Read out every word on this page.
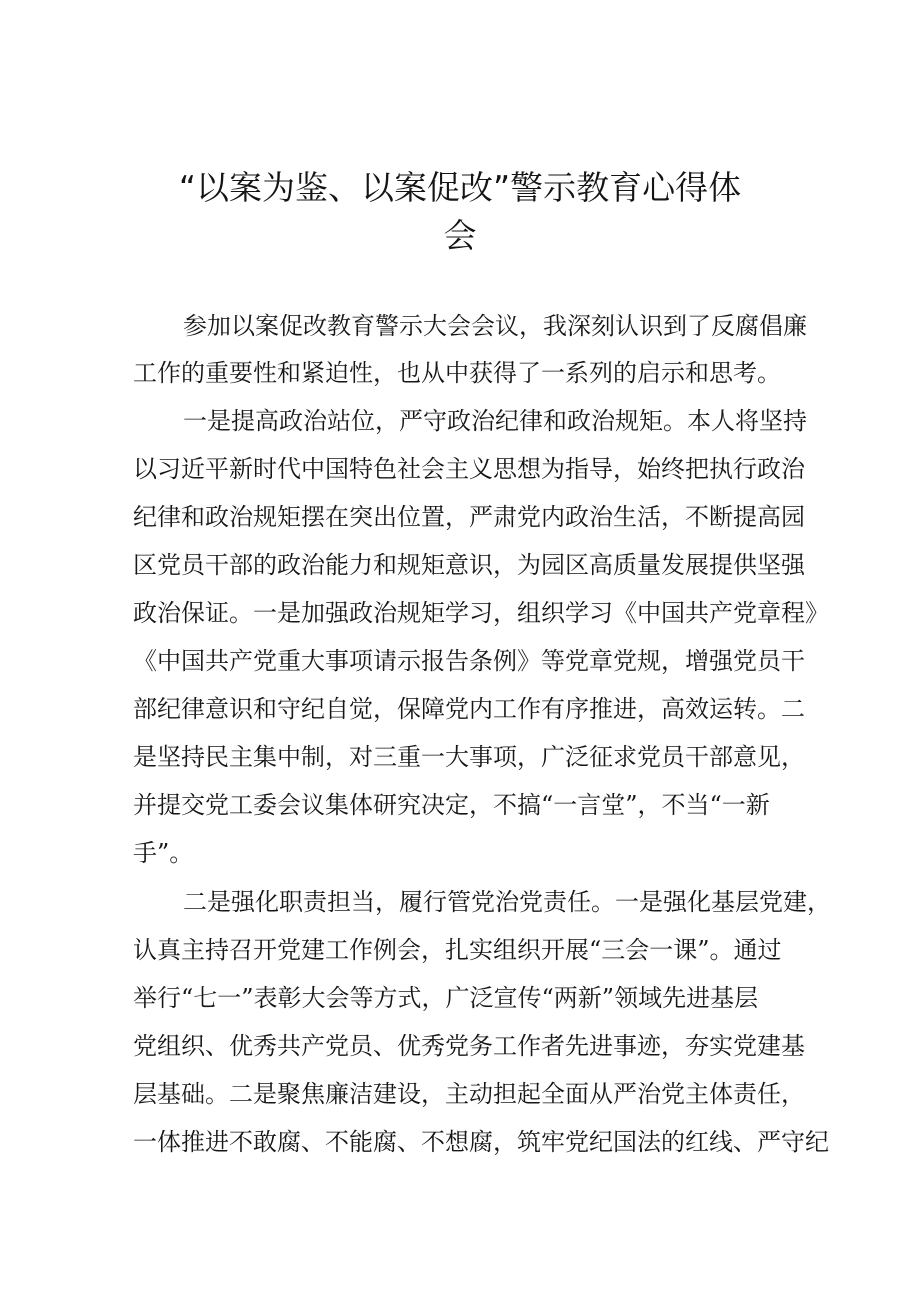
“以案为鉴、以案促改”警示教育心得体
会

参加以案促改教育警示大会会议，我深刻认识到了反腐倡廉

工作的重要性和紧迫性，也从中获得了一系列的启示和思考。

一是提高政治站位，严守政治纪律和政治规矩。本人将坚持

以习近平新时代中国特色社会主义思想为指导，始终把执行政治

纪律和政治规矩摆在突出位置，严肃党内政治生活，不断提高园

区党员干部的政治能力和规矩意识，为园区高质量发展提供坚强

政治保证。一是加强政治规矩学习，组织学习《中国共产党章程》

《中国共产党重大事项请示报告条例》等党章党规，增强党员干

部纪律意识和守纪自觉，保障党内工作有序推进，高效运转。二

是坚持民主集中制，对三重一大事项，广泛征求党员干部意见，

并提交党工委会议集体研究决定，不搞“一言堂”，不当“一新

手”。

二是强化职责担当，履行管党治党责任。一是强化基层党建，

认真主持召开党建工作例会，扎实组织开展“三会一课”。通过

举行“七一”表彰大会等方式，广泛宣传“两新”领域先进基层

党组织、优秀共产党员、优秀党务工作者先进事迹，夯实党建基

层基础。二是聚焦廉洁建设，主动担起全面从严治党主体责任，

一体推进不敢腐、不能腐、不想腐，筑牢党纪国法的红线、严守纪
